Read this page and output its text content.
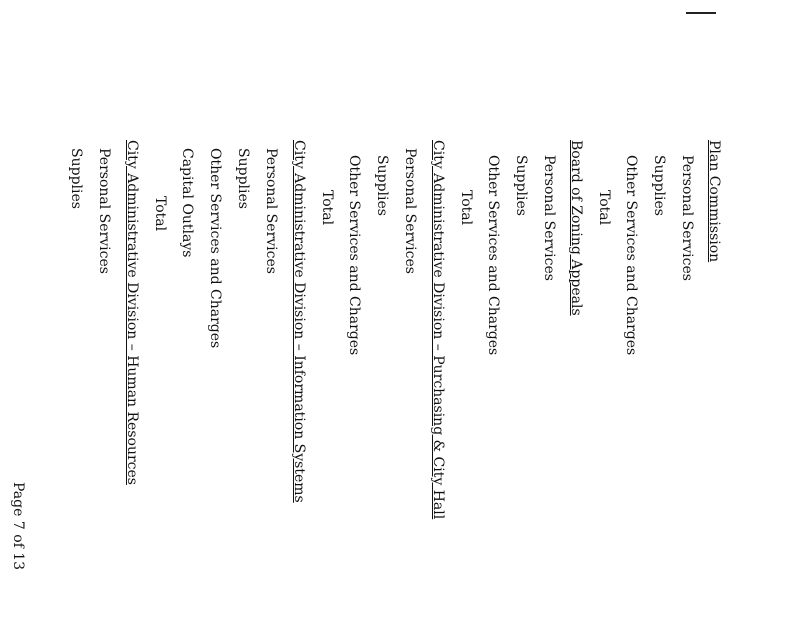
Plan Commission
Personal Services
Supplies
Other Services and Charges
Total
Board of Zoning Appeals
Personal Services
Supplies
Other Services and Charges
Total
City Administrative Division – Purchasing & City Hall
Personal Services
Supplies
Other Services and Charges
Total
City Administrative Division – Information Systems
Personal Services
Supplies
Other Services and Charges
Capital Outlays
Total
City Administrative Division – Human Resources
Personal Services
Supplies
Page 7 of 13
